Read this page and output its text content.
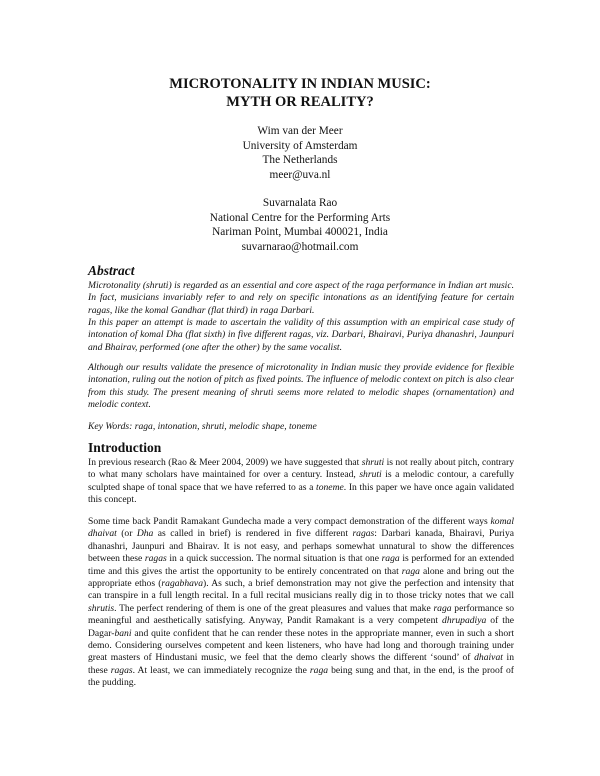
MICROTONALITY IN INDIAN MUSIC:
MYTH OR REALITY?
Wim van der Meer
University of Amsterdam
The Netherlands
meer@uva.nl
Suvarnalata Rao
National Centre for the Performing Arts
Nariman Point, Mumbai 400021, India
suvarnarao@hotmail.com
Abstract

Microtonality (shruti) is regarded as an essential and core aspect of the raga performance in Indian art music. In fact, musicians invariably refer to and rely on specific intonations as an identifying feature for certain ragas, like the komal Gandhar (flat third) in raga Darbari.

In this paper an attempt is made to ascertain the validity of this assumption with an empirical case study of intonation of komal Dha (flat sixth) in five different ragas, viz. Darbari, Bhairavi, Puriya dhanashri, Jaunpuri and Bhairav, performed (one after the other) by the same vocalist.

Although our results validate the presence of microtonality in Indian music they provide evidence for flexible intonation, ruling out the notion of pitch as fixed points. The influence of melodic context on pitch is also clear from this study. The present meaning of shruti seems more related to melodic shapes (ornamentation) and melodic context.

Key Words: raga, intonation, shruti, melodic shape, toneme

Introduction

In previous research (Rao & Meer 2004, 2009) we have suggested that shruti is not really about pitch, contrary to what many scholars have maintained for over a century. Instead, shruti is a melodic contour, a carefully sculpted shape of tonal space that we have referred to as a toneme. In this paper we have once again validated this concept.

Some time back Pandit Ramakant Gundecha made a very compact demonstration of the different ways komal dhaivat (or Dha as called in brief) is rendered in five different ragas: Darbari kanada, Bhairavi, Puriya dhanashri, Jaunpuri and Bhairav. It is not easy, and perhaps somewhat unnatural to show the differences between these ragas in a quick succession. The normal situation is that one raga is performed for an extended time and this gives the artist the opportunity to be entirely concentrated on that raga alone and bring out the appropriate ethos (ragabhava). As such, a brief demonstration may not give the perfection and intensity that can transpire in a full length recital. In a full recital musicians really dig in to those tricky notes that we call shrutis. The perfect rendering of them is one of the great pleasures and values that make raga performance so meaningful and aesthetically satisfying. Anyway, Pandit Ramakant is a very competent dhrupadiya of the Dagar-bani and quite confident that he can render these notes in the appropriate manner, even in such a short demo. Considering ourselves competent and keen listeners, who have had long and thorough training under great masters of Hindustani music, we feel that the demo clearly shows the different ‘sound’ of dhaivat in these ragas. At least, we can immediately recognize the raga being sung and that, in the end, is the proof of the pudding.
